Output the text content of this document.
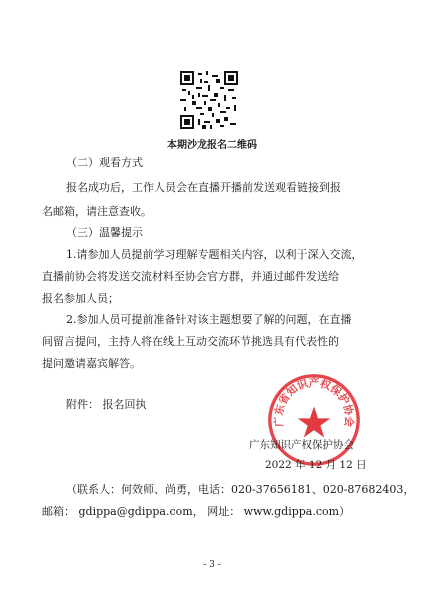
本期沙龙报名二维码
（二）观看方式
报名成功后，工作人员会在直播开播前发送观看链接到报
名邮箱，请注意查收。
（三）温馨提示
1.请参加人员提前学习理解专题相关内容，以利于深入交流，
直播前协会将发送交流材料至协会官方群，并通过邮件发送给
报名参加人员；
2.参加人员可提前准备针对该主题想要了解的问题，在直播
间留言提问，主持人将在线上互动交流环节挑选具有代表性的
提问邀请嘉宾解答。
附件： 报名回执
广东省知识产权保护协会
广东知识产权保护协会
2022 年 12 月 12 日
（联系人：何效师、尚勇，电话：020-37656181、020-87682403，
邮箱： gdippa@gdippa.com， 网址： www.gdippa.com）
- 3 -
